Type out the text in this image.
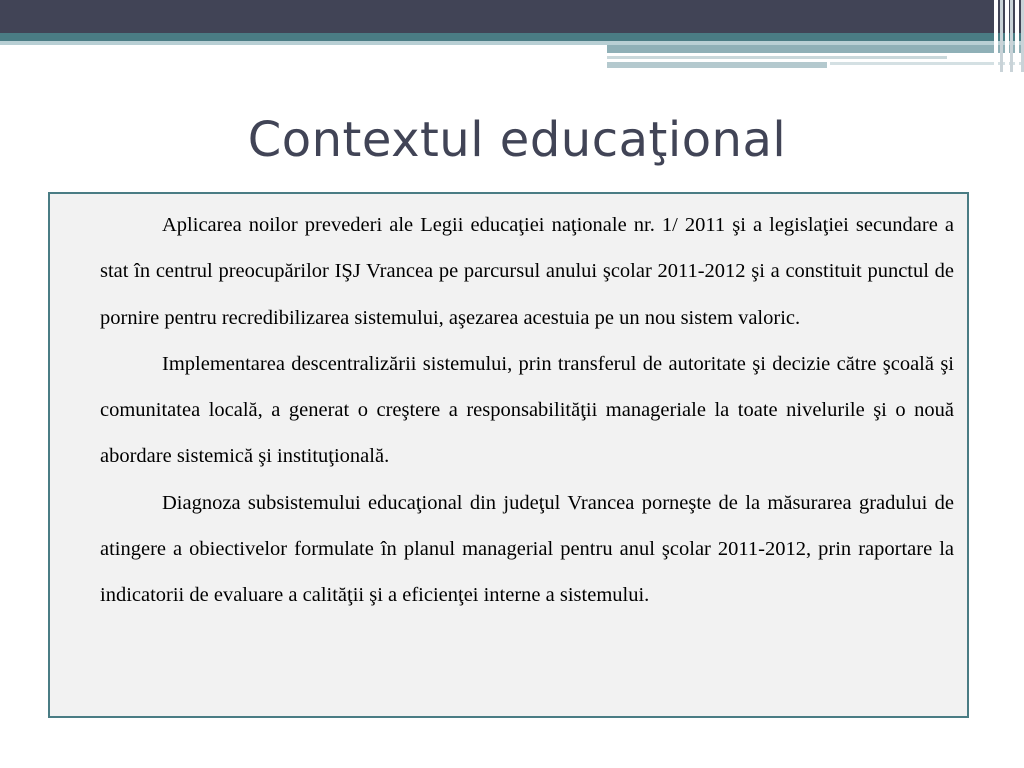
Contextul educaţional

Aplicarea noilor prevederi ale Legii educaţiei naţionale nr. 1/ 2011 şi a legislaţiei secundare a stat în centrul preocupărilor IŞJ Vrancea pe parcursul anului şcolar 2011-2012 şi a constituit punctul de pornire pentru recredibilizarea sistemului, aşezarea acestuia pe un nou sistem valoric.

Implementarea descentralizării sistemului, prin transferul de autoritate şi decizie către şcoală şi comunitatea locală, a generat o creştere a responsabilităţii manageriale la toate nivelurile şi o nouă abordare sistemică şi instituţională.

Diagnoza subsistemului educaţional din judeţul Vrancea porneşte de la măsurarea gradului de atingere a obiectivelor formulate în planul managerial pentru anul şcolar 2011-2012, prin raportare la indicatorii de evaluare a calităţii şi a eficienţei interne a sistemului.
